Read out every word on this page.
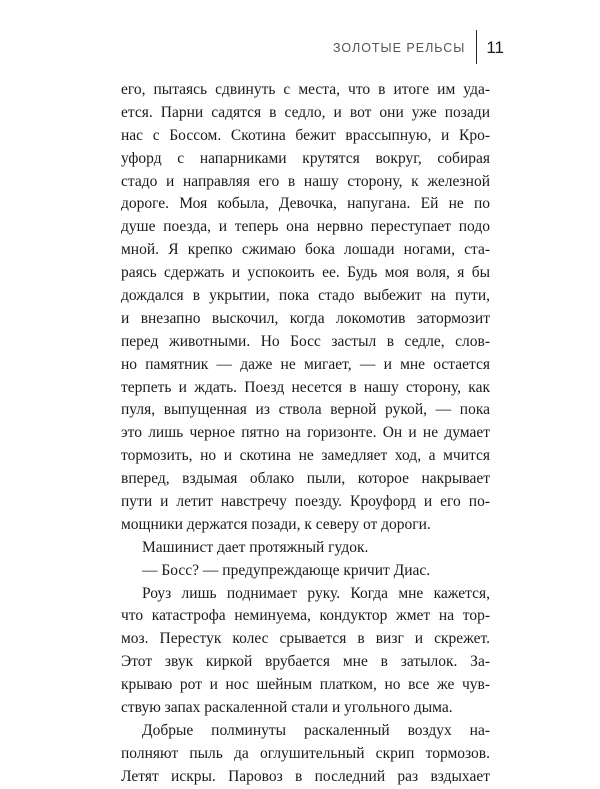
ЗОЛОТЫЕ РЕЛЬСЫ 11
его, пытаясь сдвинуть с места, что в итоге им уда-
ется. Парни садятся в седло, и вот они уже позади
нас с Боссом. Скотина бежит врассыпную, и Кро-
уфорд с напарниками крутятся вокруг, собирая
стадо и направляя его в нашу сторону, к железной
дороге. Моя кобыла, Девочка, напугана. Ей не по
душе поезда, и теперь она нервно переступает подо
мной. Я крепко сжимаю бока лошади ногами, ста-
раясь сдержать и успокоить ее. Будь моя воля, я бы
дождался в укрытии, пока стадо выбежит на пути,
и внезапно выскочил, когда локомотив затормозит
перед животными. Но Босс застыл в седле, слов-
но памятник — даже не мигает, — и мне остается
терпеть и ждать. Поезд несется в нашу сторону, как
пуля, выпущенная из ствола верной рукой, — пока
это лишь черное пятно на горизонте. Он и не думает
тормозить, но и скотина не замедляет ход, а мчится
вперед, вздымая облако пыли, которое накрывает
пути и летит навстречу поезду. Кроуфорд и его по-
мощники держатся позади, к северу от дороги.
Машинист дает протяжный гудок.
— Босс? — предупреждающе кричит Диас.
Роуз лишь поднимает руку. Когда мне кажется,
что катастрофа неминуема, кондуктор жмет на тор-
моз. Перестук колес срывается в визг и скрежет.
Этот звук киркой врубается мне в затылок. За-
крываю рот и нос шейным платком, но все же чув-
ствую запах раскаленной стали и угольного дыма.
Добрые полминуты раскаленный воздух на-
полняют пыль да оглушительный скрип тормозов.
Летят искры. Паровоз в последний раз вздыхает
